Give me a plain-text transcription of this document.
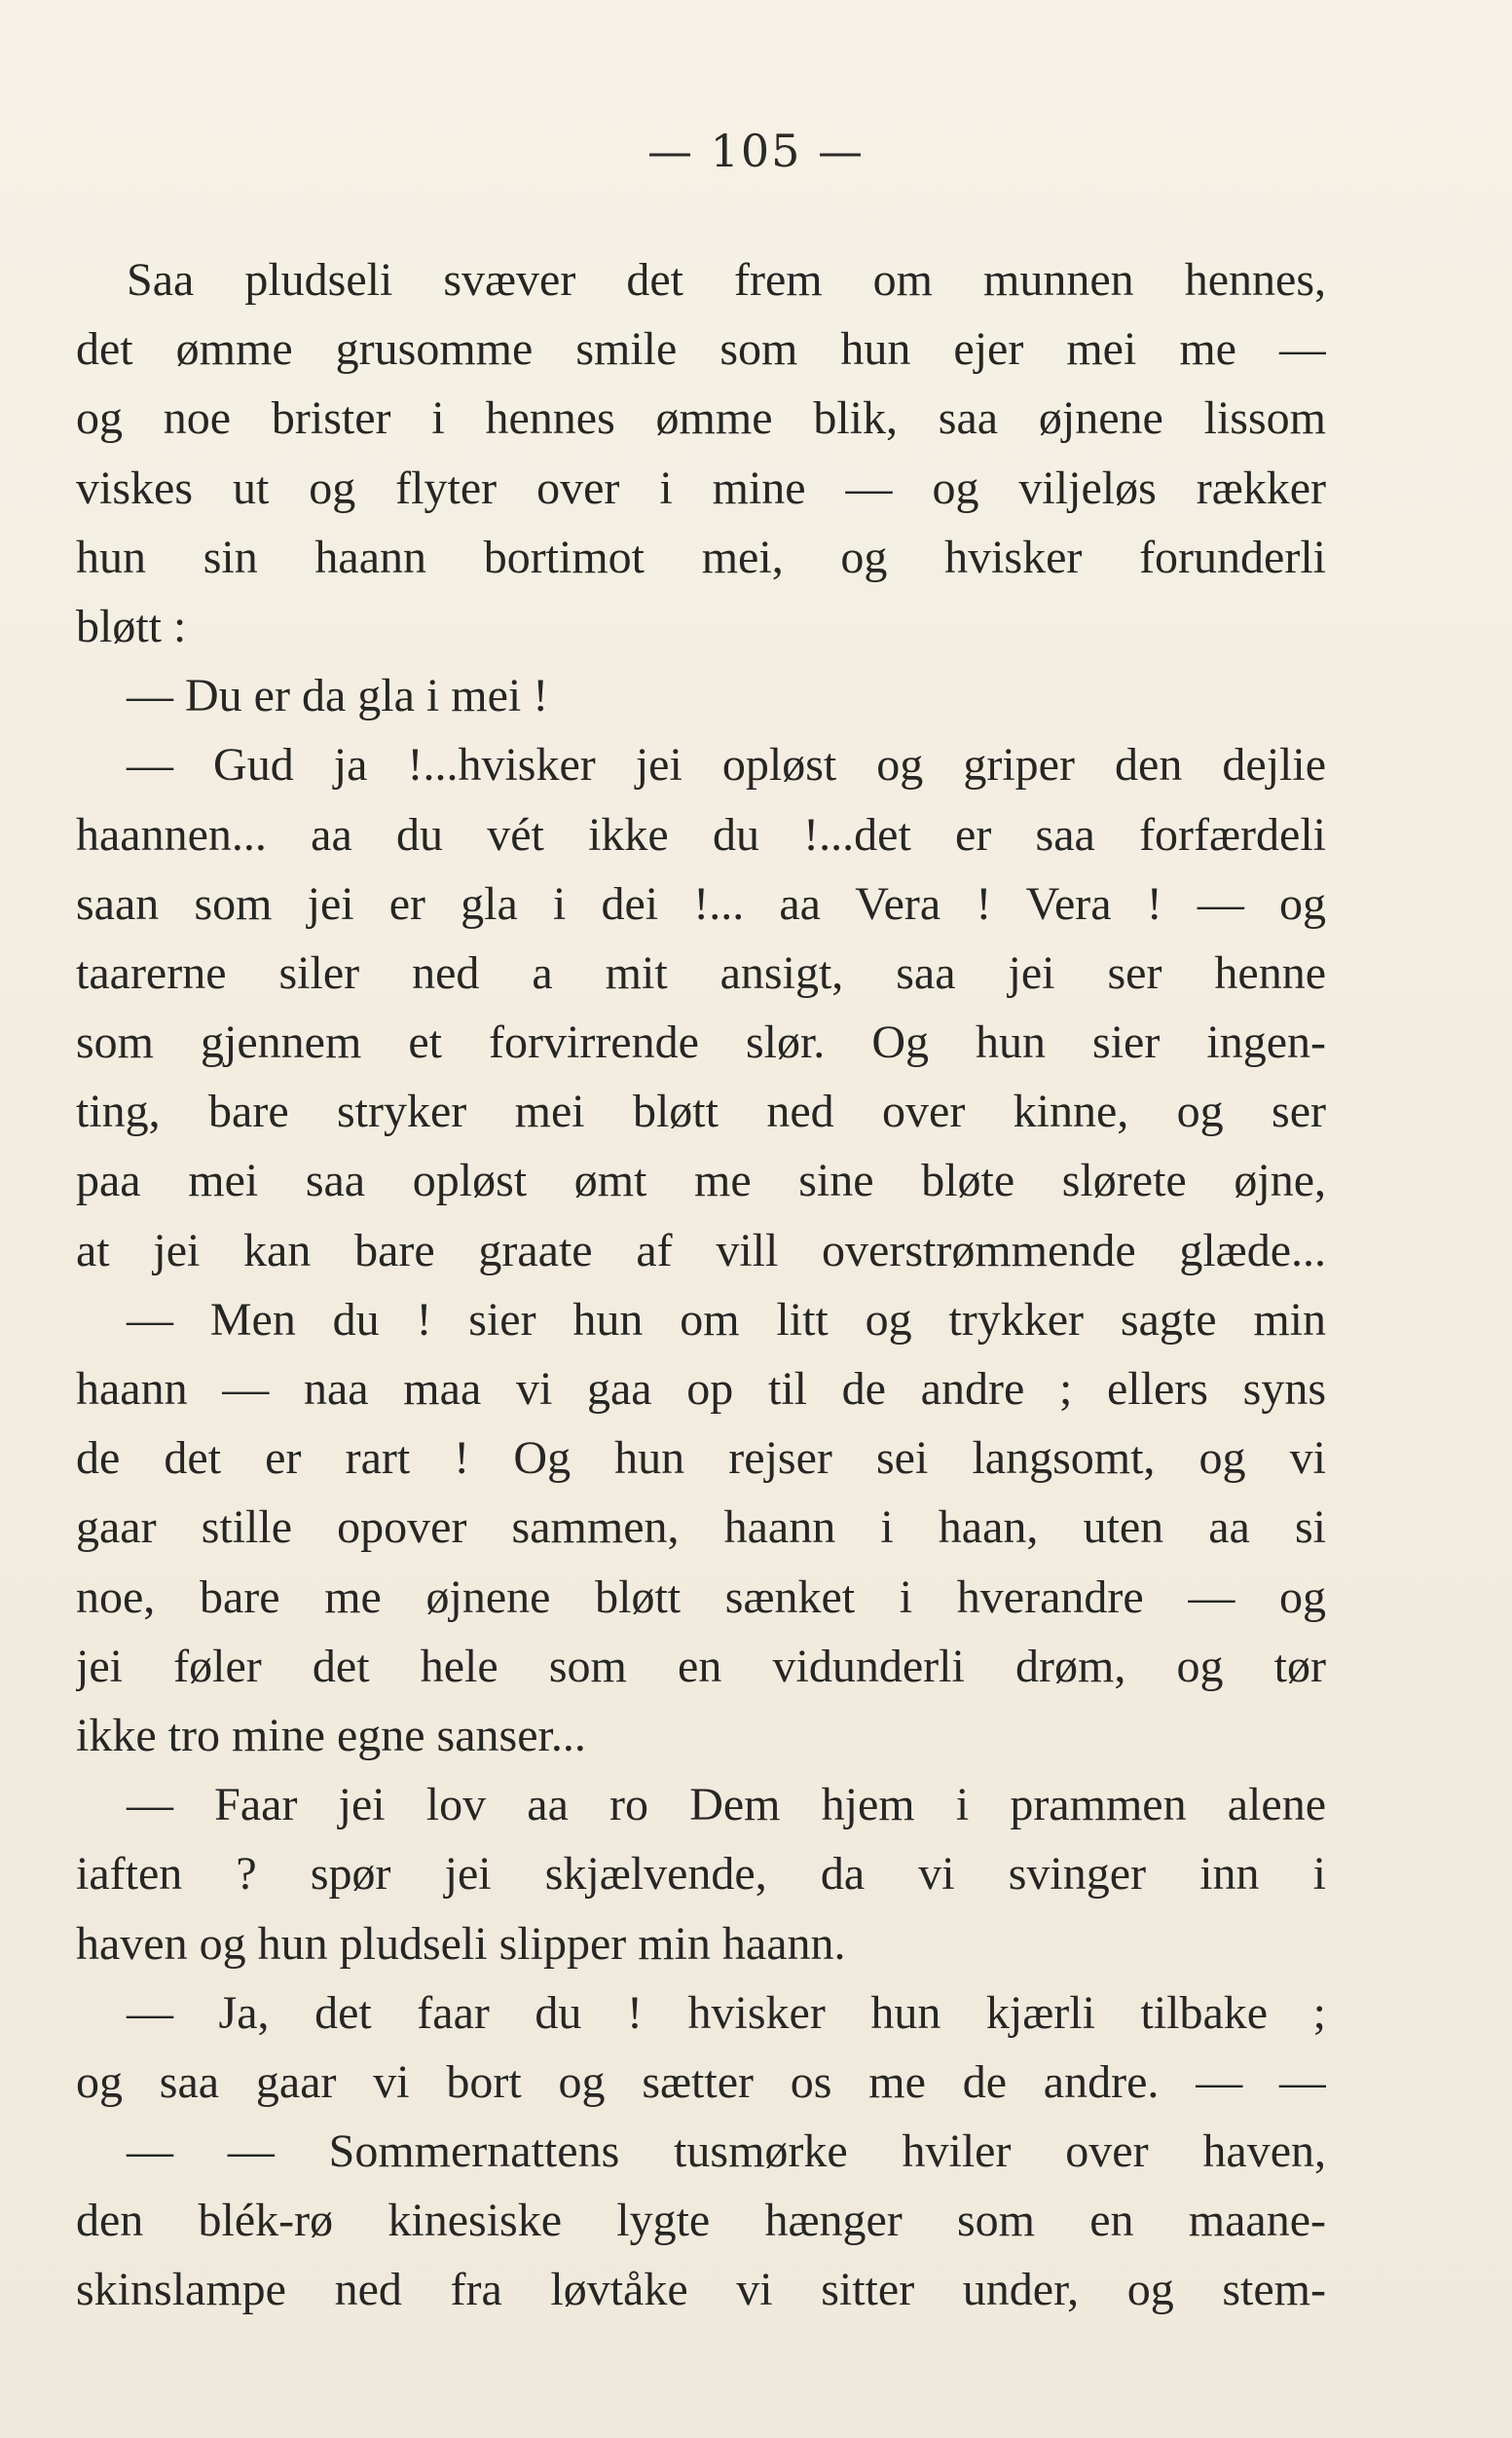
— 105 —
Saa pludseli svæver det frem om munnen hennes,
det ømme grusomme smile som hun ejer mei me —
og noe brister i hennes ømme blik, saa øjnene lissom
viskes ut og flyter over i mine — og viljeløs rækker
hun sin haann bortimot mei, og hvisker forunderli
bløtt :
— Du er da gla i mei !
— Gud ja !...hvisker jei opløst og griper den dejlie
haannen... aa du vét ikke du !...det er saa forfærdeli
saan som jei er gla i dei !... aa Vera ! Vera ! — og
taarerne siler ned a mit ansigt, saa jei ser henne
som gjennem et forvirrende slør. Og hun sier ingen-
ting, bare stryker mei bløtt ned over kinne, og ser
paa mei saa opløst ømt me sine bløte slørete øjne,
at jei kan bare graate af vill overstrømmende glæde...
— Men du ! sier hun om litt og trykker sagte min
haann — naa maa vi gaa op til de andre ; ellers syns
de det er rart ! Og hun rejser sei langsomt, og vi
gaar stille opover sammen, haann i haan, uten aa si
noe, bare me øjnene bløtt sænket i hverandre — og
jei føler det hele som en vidunderli drøm, og tør
ikke tro mine egne sanser...
— Faar jei lov aa ro Dem hjem i prammen alene
iaften ? spør jei skjælvende, da vi svinger inn i
haven og hun pludseli slipper min haann.
— Ja, det faar du ! hvisker hun kjærli tilbake ;
og saa gaar vi bort og sætter os me de andre. — —
— — Sommernattens tusmørke hviler over haven,
den blék-rø kinesiske lygte hænger som en maane-
skinslampe ned fra løvtåke vi sitter under, og stem-
